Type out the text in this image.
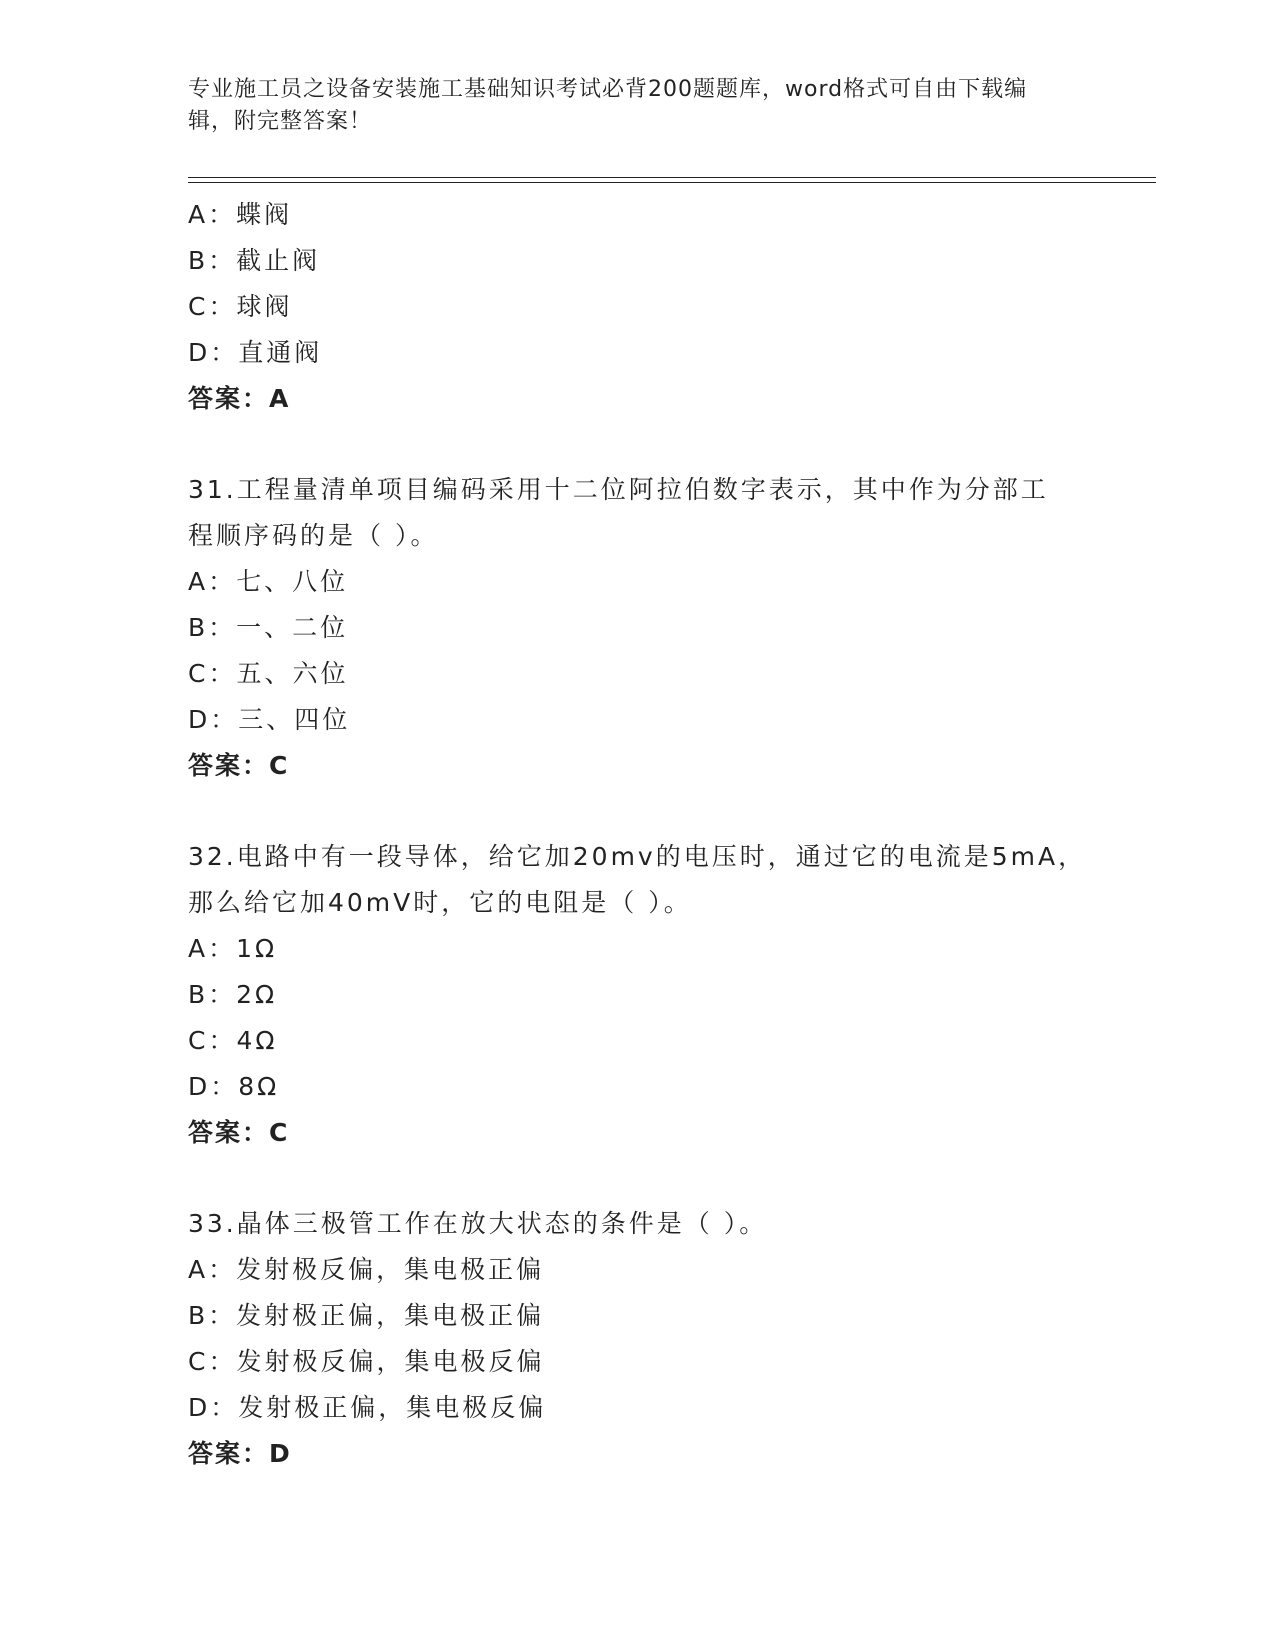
专业施工员之设备安装施工基础知识考试必背200题题库，word格式可自由下载编辑，附完整答案！
A：蝶阀
B：截止阀
C：球阀
D：直通阀
答案：A
31.工程量清单项目编码采用十二位阿拉伯数字表示，其中作为分部工
程顺序码的是（ ）。
A：七、八位
B：一、二位
C：五、六位
D：三、四位
答案：C
32.电路中有一段导体，给它加20mv的电压时，通过它的电流是5mA，
那么给它加40mV时，它的电阻是（ ）。
A：1Ω
B：2Ω
C：4Ω
D：8Ω
答案：C
33.晶体三极管工作在放大状态的条件是（ ）。
A：发射极反偏，集电极正偏
B：发射极正偏，集电极正偏
C：发射极反偏，集电极反偏
D：发射极正偏，集电极反偏
答案：D
